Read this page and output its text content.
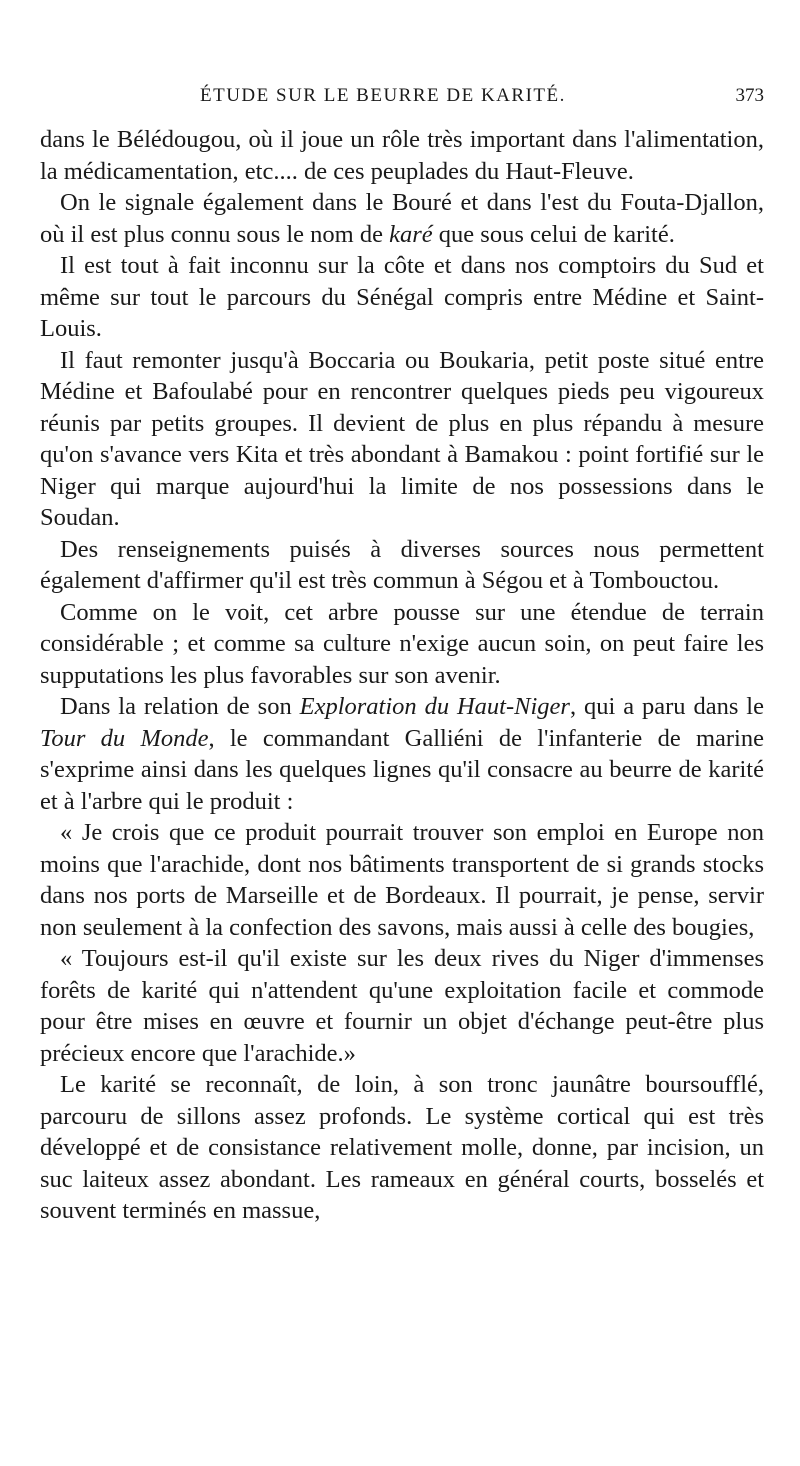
ÉTUDE SUR LE BEURRE DE KARITÉ.	373

dans le Bélédougou, où il joue un rôle très important dans l'alimentation, la médicamentation, etc.... de ces peuplades du Haut-Fleuve.

On le signale également dans le Bouré et dans l'est du Fouta-Djallon, où il est plus connu sous le nom de karé que sous celui de karité.

Il est tout à fait inconnu sur la côte et dans nos comptoirs du Sud et même sur tout le parcours du Sénégal compris entre Médine et Saint-Louis.

Il faut remonter jusqu'à Boccaria ou Boukaria, petit poste situé entre Médine et Bafoulabé pour en rencontrer quelques pieds peu vigoureux réunis par petits groupes. Il devient de plus en plus répandu à mesure qu'on s'avance vers Kita et très abondant à Bamakou : point fortifié sur le Niger qui marque aujourd'hui la limite de nos possessions dans le Soudan.

Des renseignements puisés à diverses sources nous permettent également d'affirmer qu'il est très commun à Ségou et à Tombouctou.

Comme on le voit, cet arbre pousse sur une étendue de terrain considérable ; et comme sa culture n'exige aucun soin, on peut faire les supputations les plus favorables sur son avenir.

Dans la relation de son Exploration du Haut-Niger, qui a paru dans le Tour du Monde, le commandant Galliéni de l'infanterie de marine s'exprime ainsi dans les quelques lignes qu'il consacre au beurre de karité et à l'arbre qui le produit :

« Je crois que ce produit pourrait trouver son emploi en Europe non moins que l'arachide, dont nos bâtiments transportent de si grands stocks dans nos ports de Marseille et de Bordeaux. Il pourrait, je pense, servir non seulement à la confection des savons, mais aussi à celle des bougies,

« Toujours est-il qu'il existe sur les deux rives du Niger d'immenses forêts de karité qui n'attendent qu'une exploitation facile et commode pour être mises en œuvre et fournir un objet d'échange peut-être plus précieux encore que l'arachide.»

Le karité se reconnaît, de loin, à son tronc jaunâtre boursoufflé, parcouru de sillons assez profonds. Le système cortical qui est très développé et de consistance relativement molle, donne, par incision, un suc laiteux assez abondant. Les rameaux en général courts, bosselés et souvent terminés en massue,
